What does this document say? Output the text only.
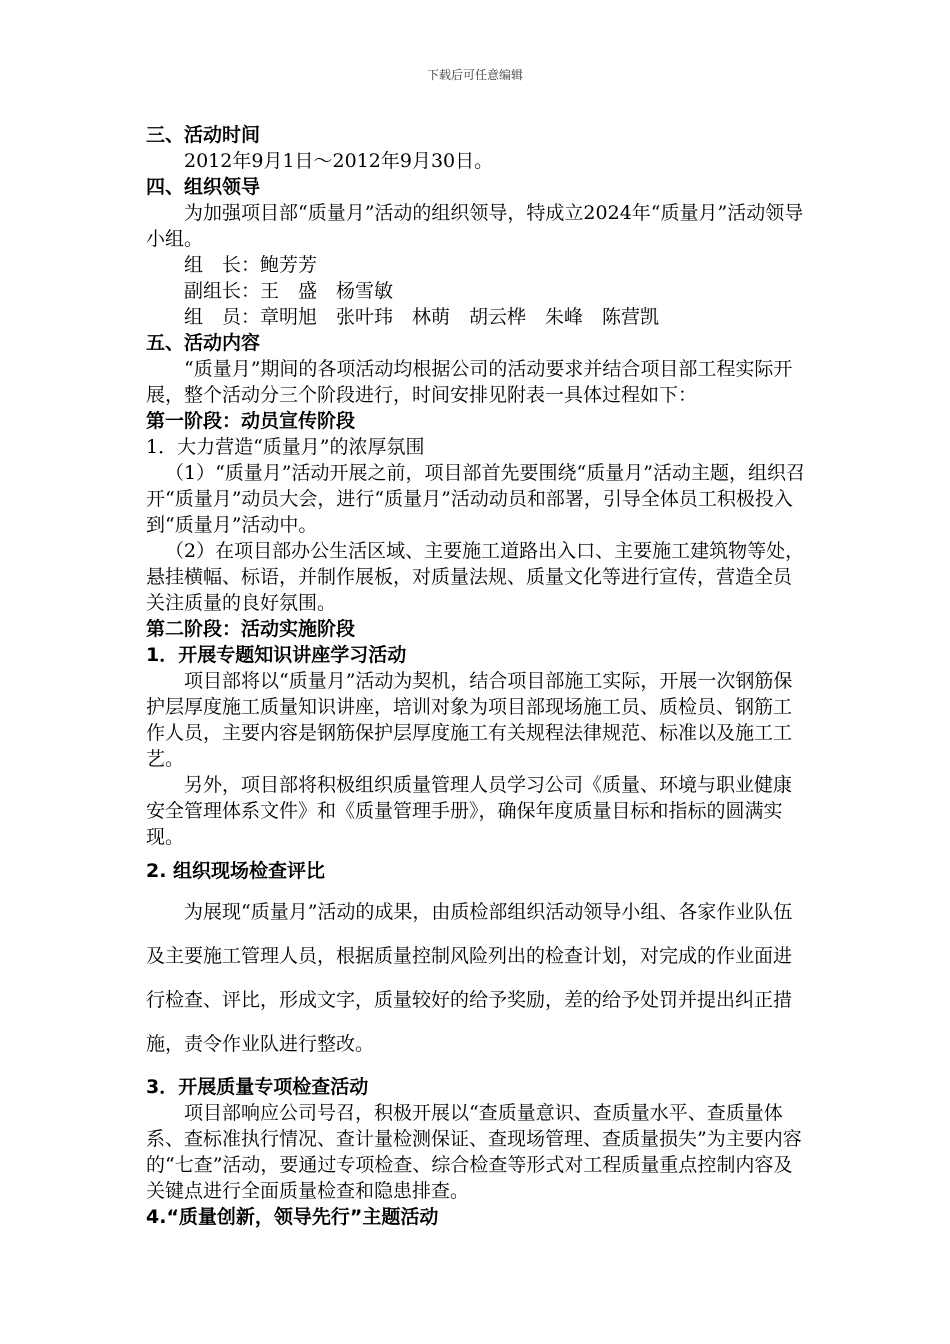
下载后可任意编辑

三、活动时间

2012年9月1日～2012年9月30日。

四、组织领导

为加强项目部“质量月”活动的组织领导，特成立2024年“质量月”活动领导小组。

组　长：鲍芳芳

副组长：王　盛　杨雪敏

组　员：章明旭　张叶玮　林萌　胡云桦　朱峰　陈营凯

五、活动内容

“质量月”期间的各项活动均根据公司的活动要求并结合项目部工程实际开展，整个活动分三个阶段进行，时间安排见附表一具体过程如下：

第一阶段：动员宣传阶段

1．大力营造“质量月”的浓厚氛围

（1）“质量月”活动开展之前，项目部首先要围绕“质量月”活动主题，组织召开“质量月”动员大会，进行“质量月”活动动员和部署，引导全体员工积极投入到“质量月”活动中。

（2）在项目部办公生活区域、主要施工道路出入口、主要施工建筑物等处，悬挂横幅、标语，并制作展板，对质量法规、质量文化等进行宣传，营造全员关注质量的良好氛围。

第二阶段：活动实施阶段

1．开展专题知识讲座学习活动

项目部将以“质量月”活动为契机，结合项目部施工实际，开展一次钢筋保护层厚度施工质量知识讲座，培训对象为项目部现场施工员、质检员、钢筋工作人员，主要内容是钢筋保护层厚度施工有关规程法律规范、标准以及施工工艺。

另外，项目部将积极组织质量管理人员学习公司《质量、环境与职业健康安全管理体系文件》和《质量管理手册》，确保年度质量目标和指标的圆满实现。

2. 组织现场检查评比

为展现“质量月”活动的成果，由质检部组织活动领导小组、各家作业队伍及主要施工管理人员，根据质量控制风险列出的检查计划，对完成的作业面进行检查、评比，形成文字，质量较好的给予奖励，差的给予处罚并提出纠正措施，责令作业队进行整改。

3．开展质量专项检查活动

项目部响应公司号召，积极开展以“查质量意识、查质量水平、查质量体系、查标准执行情况、查计量检测保证、查现场管理、查质量损失”为主要内容的“七查”活动，要通过专项检查、综合检查等形式对工程质量重点控制内容及关键点进行全面质量检查和隐患排查。

4.“质量创新，领导先行”主题活动
